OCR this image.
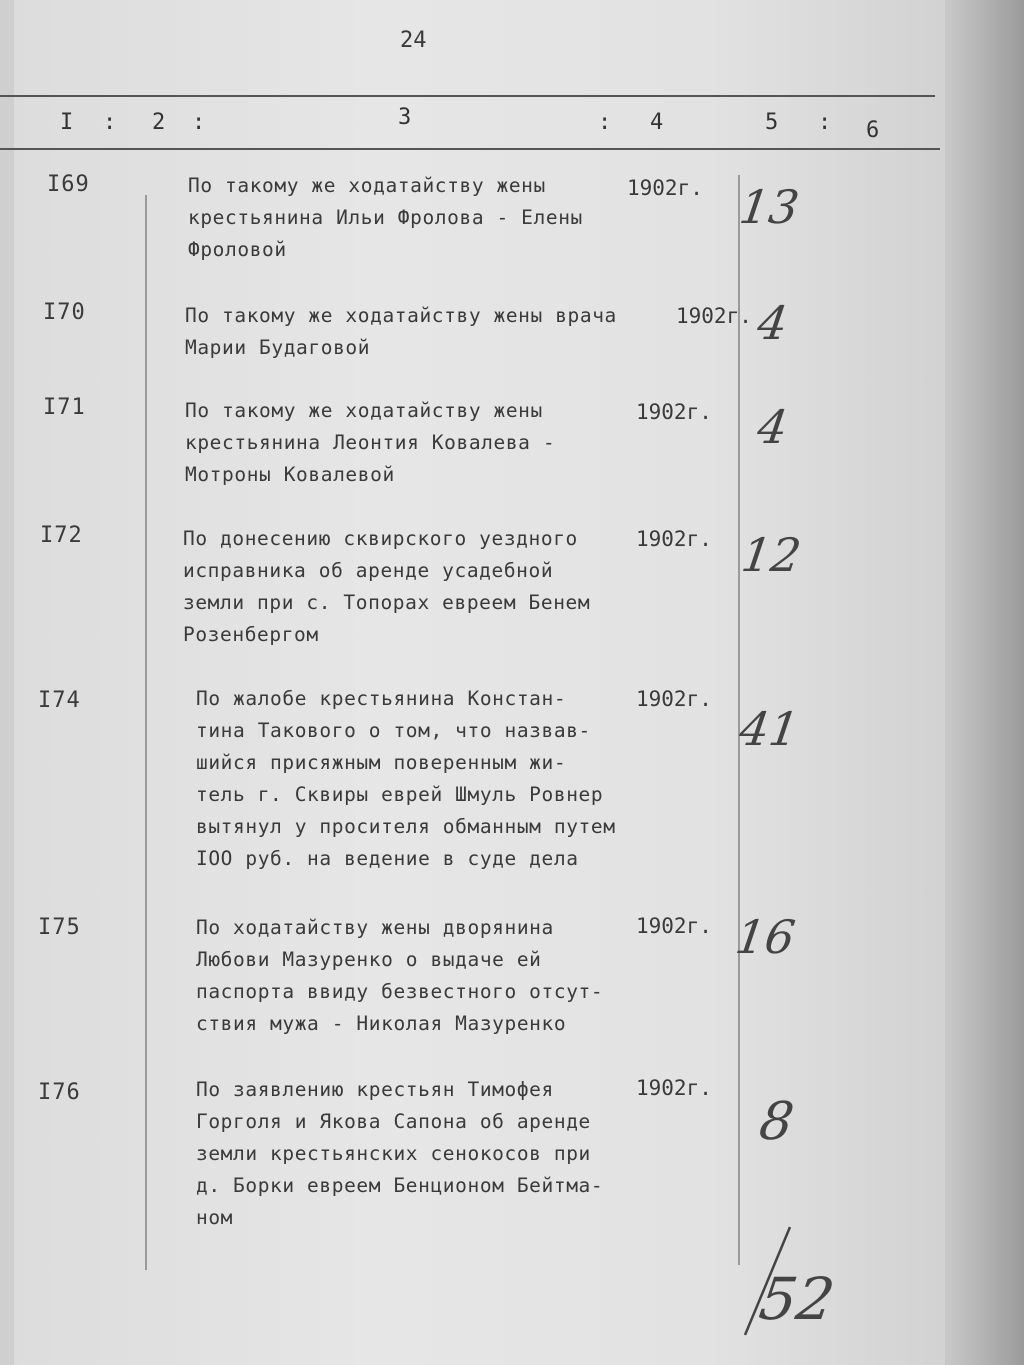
24
I : 2 :	3	: 4	5 : 6
I69	По такому же ходатайству жены
крестьянина Ильи Фролова - Елены
Фроловой
1902г. 13
I70	По такому же ходатайству жены врача
Марии Будаговой
1902г. 4
I71	По такому же ходатайству жены
крестьянина Леонтия Ковалева -
Мотроны Ковалевой
1902г. 4
I72	По донесению сквирского уездного
исправника об аренде усадебной
земли при с. Топорах евреем Бенем
Розенбергом
1902г. 12
I74	По жалобе крестьянина Констан-
тина Такового о том, что назвав-
шийся присяжным поверенным жи-
тель г. Сквиры еврей Шмуль Ровнер
вытянул у просителя обманным путем
IOO руб. на ведение в суде дела
1902г.
41
I75	По ходатайству жены дворянина
Любови Мазуренко о выдаче ей
паспорта ввиду безвестного отсут-
ствия мужа - Николая Мазуренко
1902г. 16
I76	По заявлению крестьян Тимофея
Горголя и Якова Сапона об аренде
земли крестьянских сенокосов при
д. Борки евреем Бенционом Бейтма-
ном
1902г.
8
52
